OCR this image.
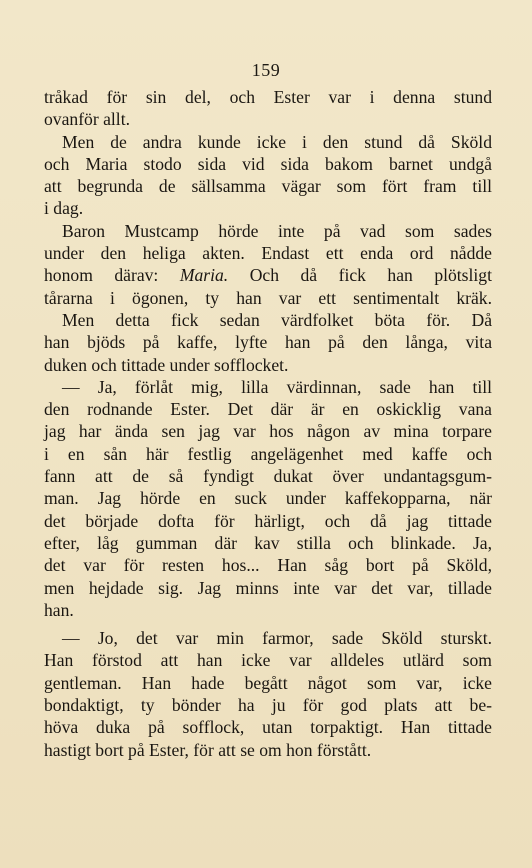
159
tråkad för sin del, och Ester var i denna stund
ovanför allt.
Men de andra kunde icke i den stund då Sköld
och Maria stodo sida vid sida bakom barnet undgå
att begrunda de sällsamma vägar som fört fram till
i dag.
Baron Mustcamp hörde inte på vad som sades
under den heliga akten. Endast ett enda ord nådde
honom därav: Maria. Och då fick han plötsligt
tårarna i ögonen, ty han var ett sentimentalt kräk.
Men detta fick sedan värdfolket böta för. Då
han bjöds på kaffe, lyfte han på den långa, vita
duken och tittade under sofflocket.
— Ja, förlåt mig, lilla värdinnan, sade han till
den rodnande Ester. Det där är en oskicklig vana
jag har ända sen jag var hos någon av mina torpare
i en sån här festlig angelägenhet med kaffe och
fann att de så fyndigt dukat över undantagsgum-
man. Jag hörde en suck under kaffekopparna, när
det började dofta för härligt, och då jag tittade
efter, låg gumman där kav stilla och blinkade. Ja,
det var för resten hos... Han såg bort på Sköld,
men hejdade sig. Jag minns inte var det var, tillade
han.
— Jo, det var min farmor, sade Sköld sturskt.
Han förstod att han icke var alldeles utlärd som
gentleman. Han hade begått något som var, icke
bondaktigt, ty bönder ha ju för god plats att be-
höva duka på sofflock, utan torpaktigt. Han tittade
hastigt bort på Ester, för att se om hon förstått.
